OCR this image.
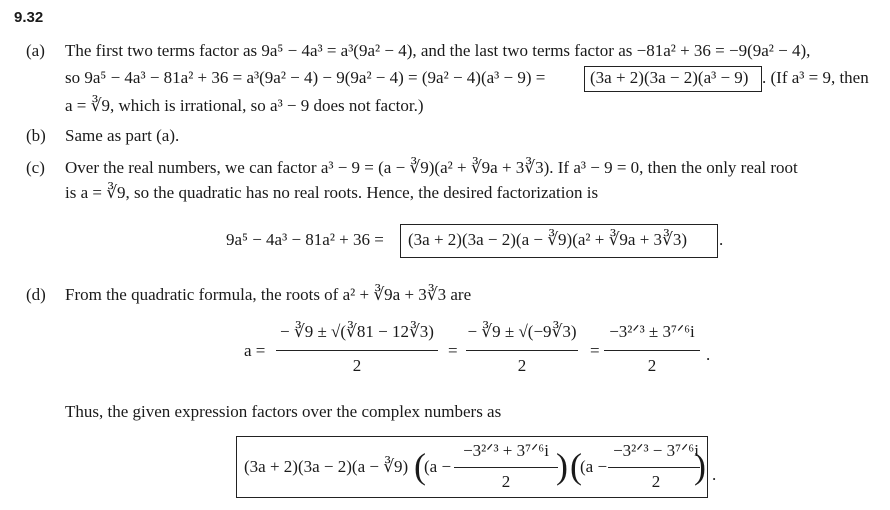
9.32
(a) The first two terms factor as 9a⁵ − 4a³ = a³(9a² − 4), and the last two terms factor as −81a² + 36 = −9(9a² − 4),
so 9a⁵ − 4a³ − 81a² + 36 = a³(9a² − 4) − 9(9a² − 4) = (9a² − 4)(a³ − 9) =	(3a + 2)(3a − 2)(a³ − 9) . (If a³ = 9, then
a = ∛9, which is irrational, so a³ − 9 does not factor.)
(b) Same as part (a).
(c) Over the real numbers, we can factor a³ − 9 = (a − ∛9)(a² + ∛9a + 3∛3). If a³ − 9 = 0, then the only real root
is a = ∛9, so the quadratic has no real roots. Hence, the desired factorization is
9a⁵ − 4a³ − 81a² + 36 = (3a + 2)(3a − 2)(a − ∛9)(a² + ∛9a + 3∛3) .
(d) From the quadratic formula, the roots of a² + ∛9a + 3∛3 are
a =
− ∛9 ± √(∛81 − 12∛3)
2
=
− ∛9 ± √(−9∛3)
2
=
−3²ᐟ³ ± 3⁷ᐟ⁶i
2
.
Thus, the given expression factors over the complex numbers as
(3a + 2)(3a − 2)(a − ∛9) (
(a −
−3²ᐟ³ + 3⁷ᐟ⁶i
2	) (
(a −
−3²ᐟ³ − 3⁷ᐟ⁶i
2 ) .
